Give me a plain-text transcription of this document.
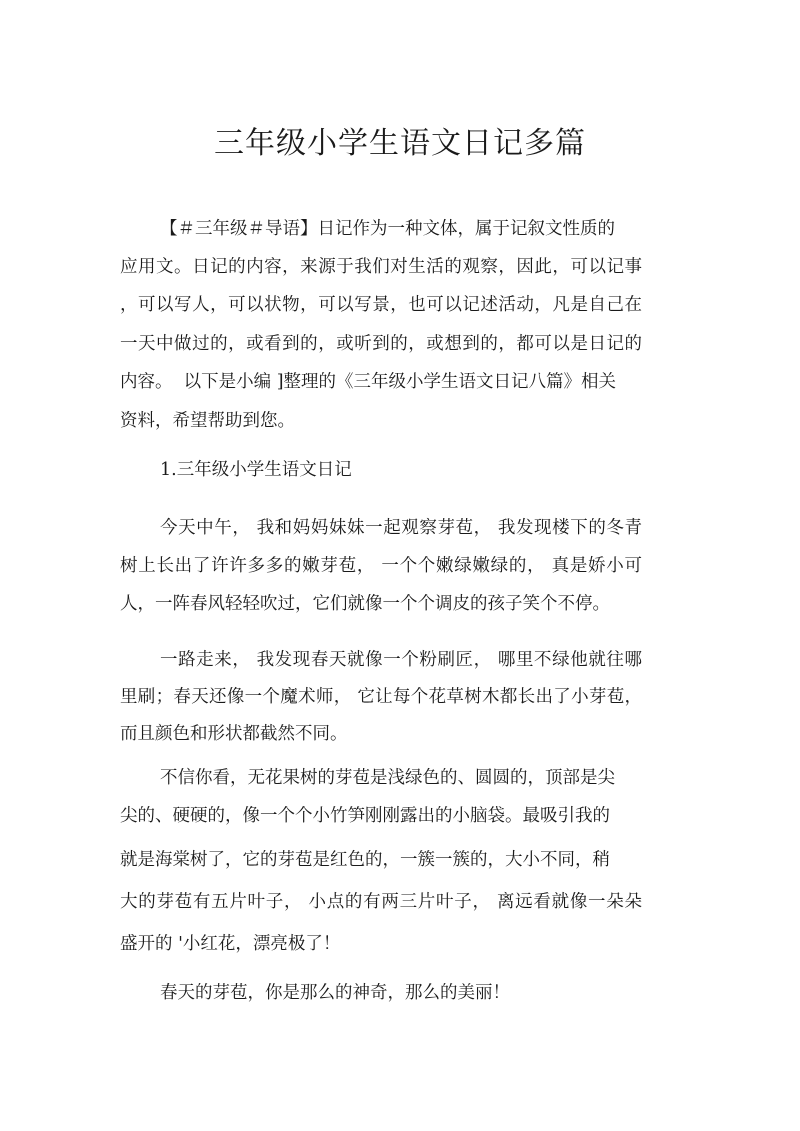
三年级小学生语文日记多篇
【＃三年级＃导语】日记作为一种文体，属于记叙文性质的
应用文。日记的内容，来源于我们对生活的观察，因此，可以记事
，可以写人，可以状物，可以写景，也可以记述活动，凡是自己在
一天中做过的，或看到的，或听到的，或想到的，都可以是日记的
内容。  以下是小编 ]整理的《三年级小学生语文日记八篇》相关
资料，希望帮助到您。
1.三年级小学生语文日记
今天中午， 我和妈妈妹妹一起观察芽苞， 我发现楼下的冬青
树上长出了许许多多的嫩芽苞， 一个个嫩绿嫩绿的， 真是娇小可
人，一阵春风轻轻吹过，它们就像一个个调皮的孩子笑个不停。
一路走来， 我发现春天就像一个粉刷匠， 哪里不绿他就往哪
里刷；春天还像一个魔术师， 它让每个花草树木都长出了小芽苞，
而且颜色和形状都截然不同。
不信你看，无花果树的芽苞是浅绿色的、圆圆的，顶部是尖
尖的、硬硬的，像一个个小竹笋刚刚露出的小脑袋。最吸引我的
就是海棠树了，它的芽苞是红色的，一簇一簇的，大小不同，稍
大的芽苞有五片叶子， 小点的有两三片叶子， 离远看就像一朵朵
盛开的 '小红花，漂亮极了！
春天的芽苞，你是那么的神奇，那么的美丽！
